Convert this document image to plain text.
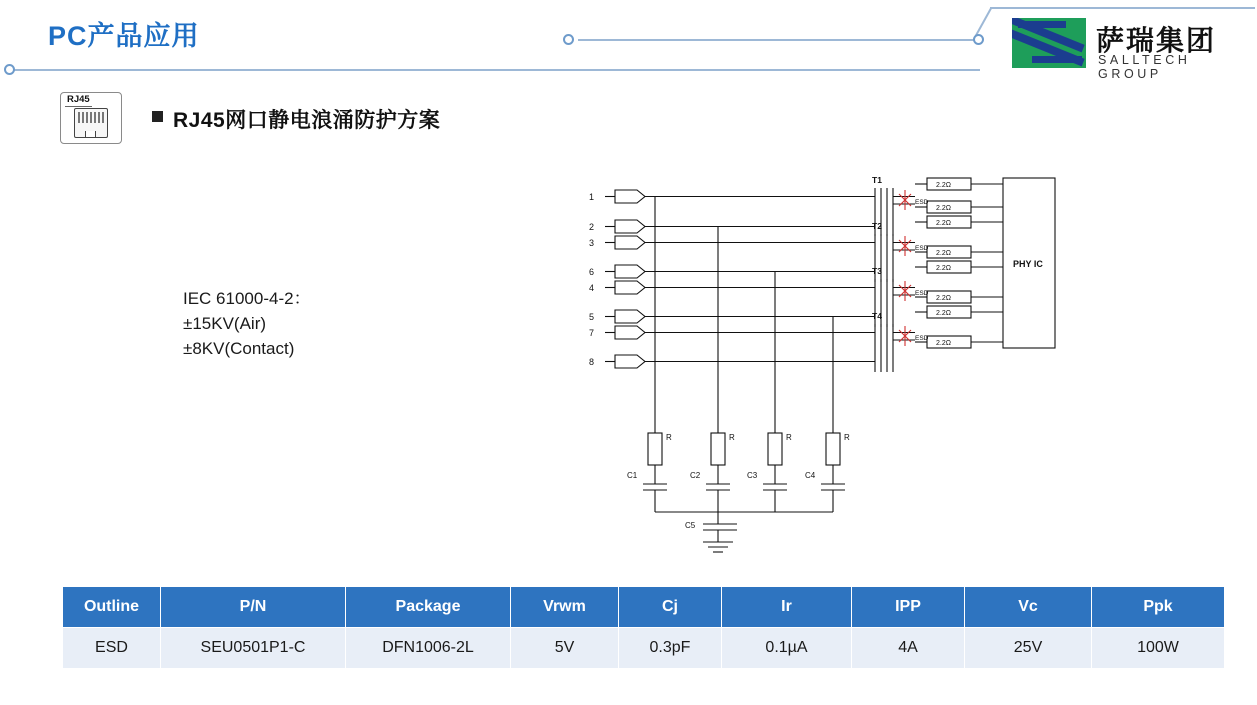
PC产品应用	萨瑞集团
SALLTECH GROUP
RJ45
RJ45网口静电浪涌防护方案
IEC 61000-4-2：
±15KV(Air)
±8KV(Contact)
1
2
3
6
4
5
7
8
T1
T2
T3
T4
ESD
ESD
ESD
ESD
2.2Ω
2.2Ω
2.2Ω
2.2Ω
2.2Ω
2.2Ω
2.2Ω
2.2Ω
PHY IC
R	R	R	R
C1	C2	C3	C4
C5
Outline	P/N	Package	Vrwm	Cj	Ir	IPP	Vc	Ppk
ESD	SEU0501P1-C	DFN1006-2L	5V	0.3pF	0.1µA	4A	25V	100W
